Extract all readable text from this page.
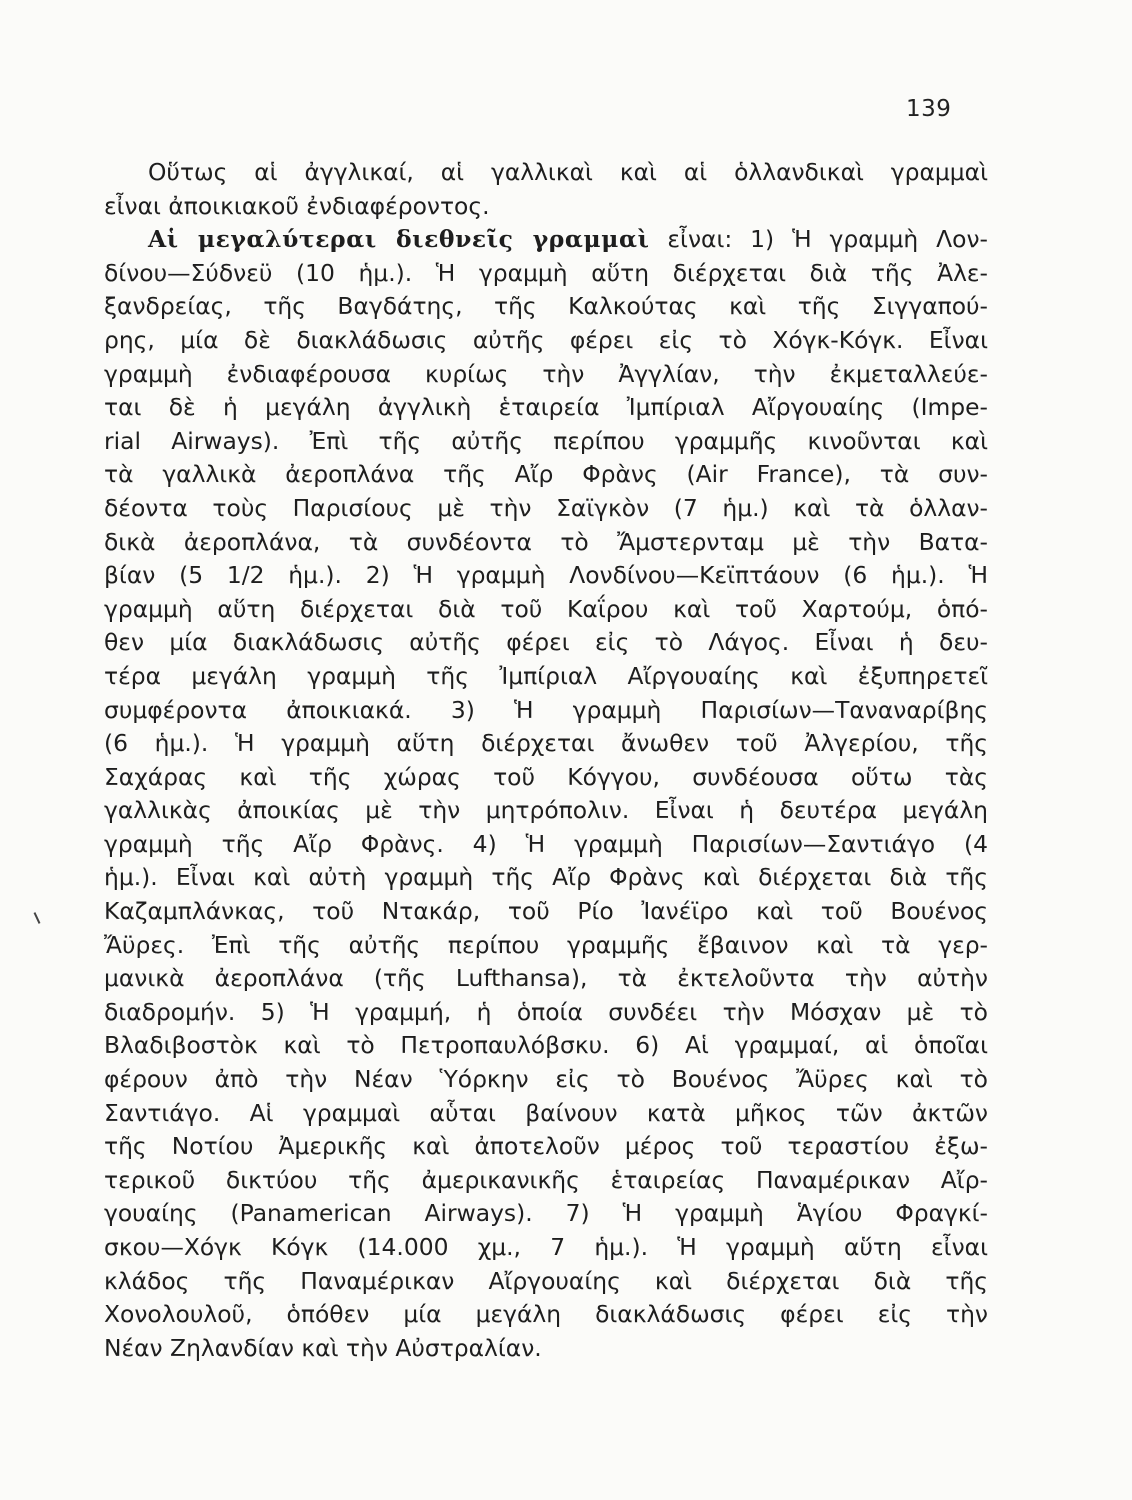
139
Οὕτως αἱ ἀγγλικαί, αἱ γαλλικαὶ καὶ αἱ ὁλλανδικαὶ γραμμαὶ
εἶναι ἀποικιακοῦ ἐνδιαφέροντος.
Αἱ μεγαλύτεραι διεθνεῖς γραμμαὶ εἶναι: 1) Ἡ γραμμὴ Λον-
δίνου—Σύδνεϋ (10 ἡμ.). Ἡ γραμμὴ αὕτη διέρχεται διὰ τῆς Ἀλε-
ξανδρείας, τῆς Βαγδάτης, τῆς Καλκούτας καὶ τῆς Σιγγαπού-
ρης, μία δὲ διακλάδωσις αὐτῆς φέρει εἰς τὸ Χόγκ-Κόγκ. Εἶναι
γραμμὴ ἐνδιαφέρουσα κυρίως τὴν Ἀγγλίαν, τὴν ἐκμεταλλεύε-
ται δὲ ἡ μεγάλη ἀγγλικὴ ἑταιρεία Ἰμπίριαλ Αἴργουαίης (Impe-
rial Airways). Ἐπὶ τῆς αὐτῆς περίπου γραμμῆς κινοῦνται καὶ
τὰ γαλλικὰ ἀεροπλάνα τῆς Αἴρ Φρὰνς (Air France), τὰ συν-
δέοντα τοὺς Παρισίους μὲ τὴν Σαϊγκὸν (7 ἡμ.) καὶ τὰ ὁλλαν-
δικὰ ἀεροπλάνα, τὰ συνδέοντα τὸ Ἄμστερνταμ μὲ τὴν Βατα-
βίαν (5 1/2 ἡμ.). 2) Ἡ γραμμὴ Λονδίνου—Κεϊπτάουν (6 ἡμ.). Ἡ
γραμμὴ αὕτη διέρχεται διὰ τοῦ Καΐρου καὶ τοῦ Χαρτούμ, ὁπό-
θεν μία διακλάδωσις αὐτῆς φέρει εἰς τὸ Λάγος. Εἶναι ἡ δευ-
τέρα μεγάλη γραμμὴ τῆς Ἰμπίριαλ Αἴργουαίης καὶ ἐξυπηρετεῖ
συμφέροντα ἀποικιακά. 3) Ἡ γραμμὴ Παρισίων—Ταναναρίβης
(6 ἡμ.). Ἡ γραμμὴ αὕτη διέρχεται ἄνωθεν τοῦ Ἀλγερίου, τῆς
Σαχάρας καὶ τῆς χώρας τοῦ Κόγγου, συνδέουσα οὕτω τὰς
γαλλικὰς ἀποικίας μὲ τὴν μητρόπολιν. Εἶναι ἡ δευτέρα μεγάλη
γραμμὴ τῆς Αἴρ Φρὰνς. 4) Ἡ γραμμὴ Παρισίων—Σαντιάγο (4
ἡμ.). Εἶναι καὶ αὐτὴ γραμμὴ τῆς Αἴρ Φρὰνς καὶ διέρχεται διὰ τῆς
Καζαμπλάνκας, τοῦ Ντακάρ, τοῦ Ρίο Ἰανέϊρο καὶ τοῦ Βουένος
Ἄϋρες. Ἐπὶ τῆς αὐτῆς περίπου γραμμῆς ἔβαινον καὶ τὰ γερ-
μανικὰ ἀεροπλάνα (τῆς Lufthansa), τὰ ἐκτελοῦντα τὴν αὐτὴν
διαδρομήν. 5) Ἡ γραμμή, ἡ ὁποία συνδέει τὴν Μόσχαν μὲ τὸ
Βλαδιβοστὸκ καὶ τὸ Πετροπαυλόβσκυ. 6) Αἱ γραμμαί, αἱ ὁποῖαι
φέρουν ἀπὸ τὴν Νέαν Ὑόρκην εἰς τὸ Βουένος Ἄϋρες καὶ τὸ
Σαντιάγο. Αἱ γραμμαὶ αὗται βαίνουν κατὰ μῆκος τῶν ἀκτῶν
τῆς Νοτίου Ἀμερικῆς καὶ ἀποτελοῦν μέρος τοῦ τεραστίου ἐξω-
τερικοῦ δικτύου τῆς ἀμερικανικῆς ἑταιρείας Παναμέρικαν Αἴρ-
γουαίης (Panamerican Airways). 7) Ἡ γραμμὴ Ἁγίου Φραγκί-
σκου—Χόγκ Κόγκ (14.000 χμ., 7 ἡμ.). Ἡ γραμμὴ αὕτη εἶναι
κλάδος τῆς Παναμέρικαν Αἴργουαίης καὶ διέρχεται διὰ τῆς
Χονολουλοῦ, ὁπόθεν μία μεγάλη διακλάδωσις φέρει εἰς τὴν
Νέαν Ζηλανδίαν καὶ τὴν Αὐστραλίαν.
